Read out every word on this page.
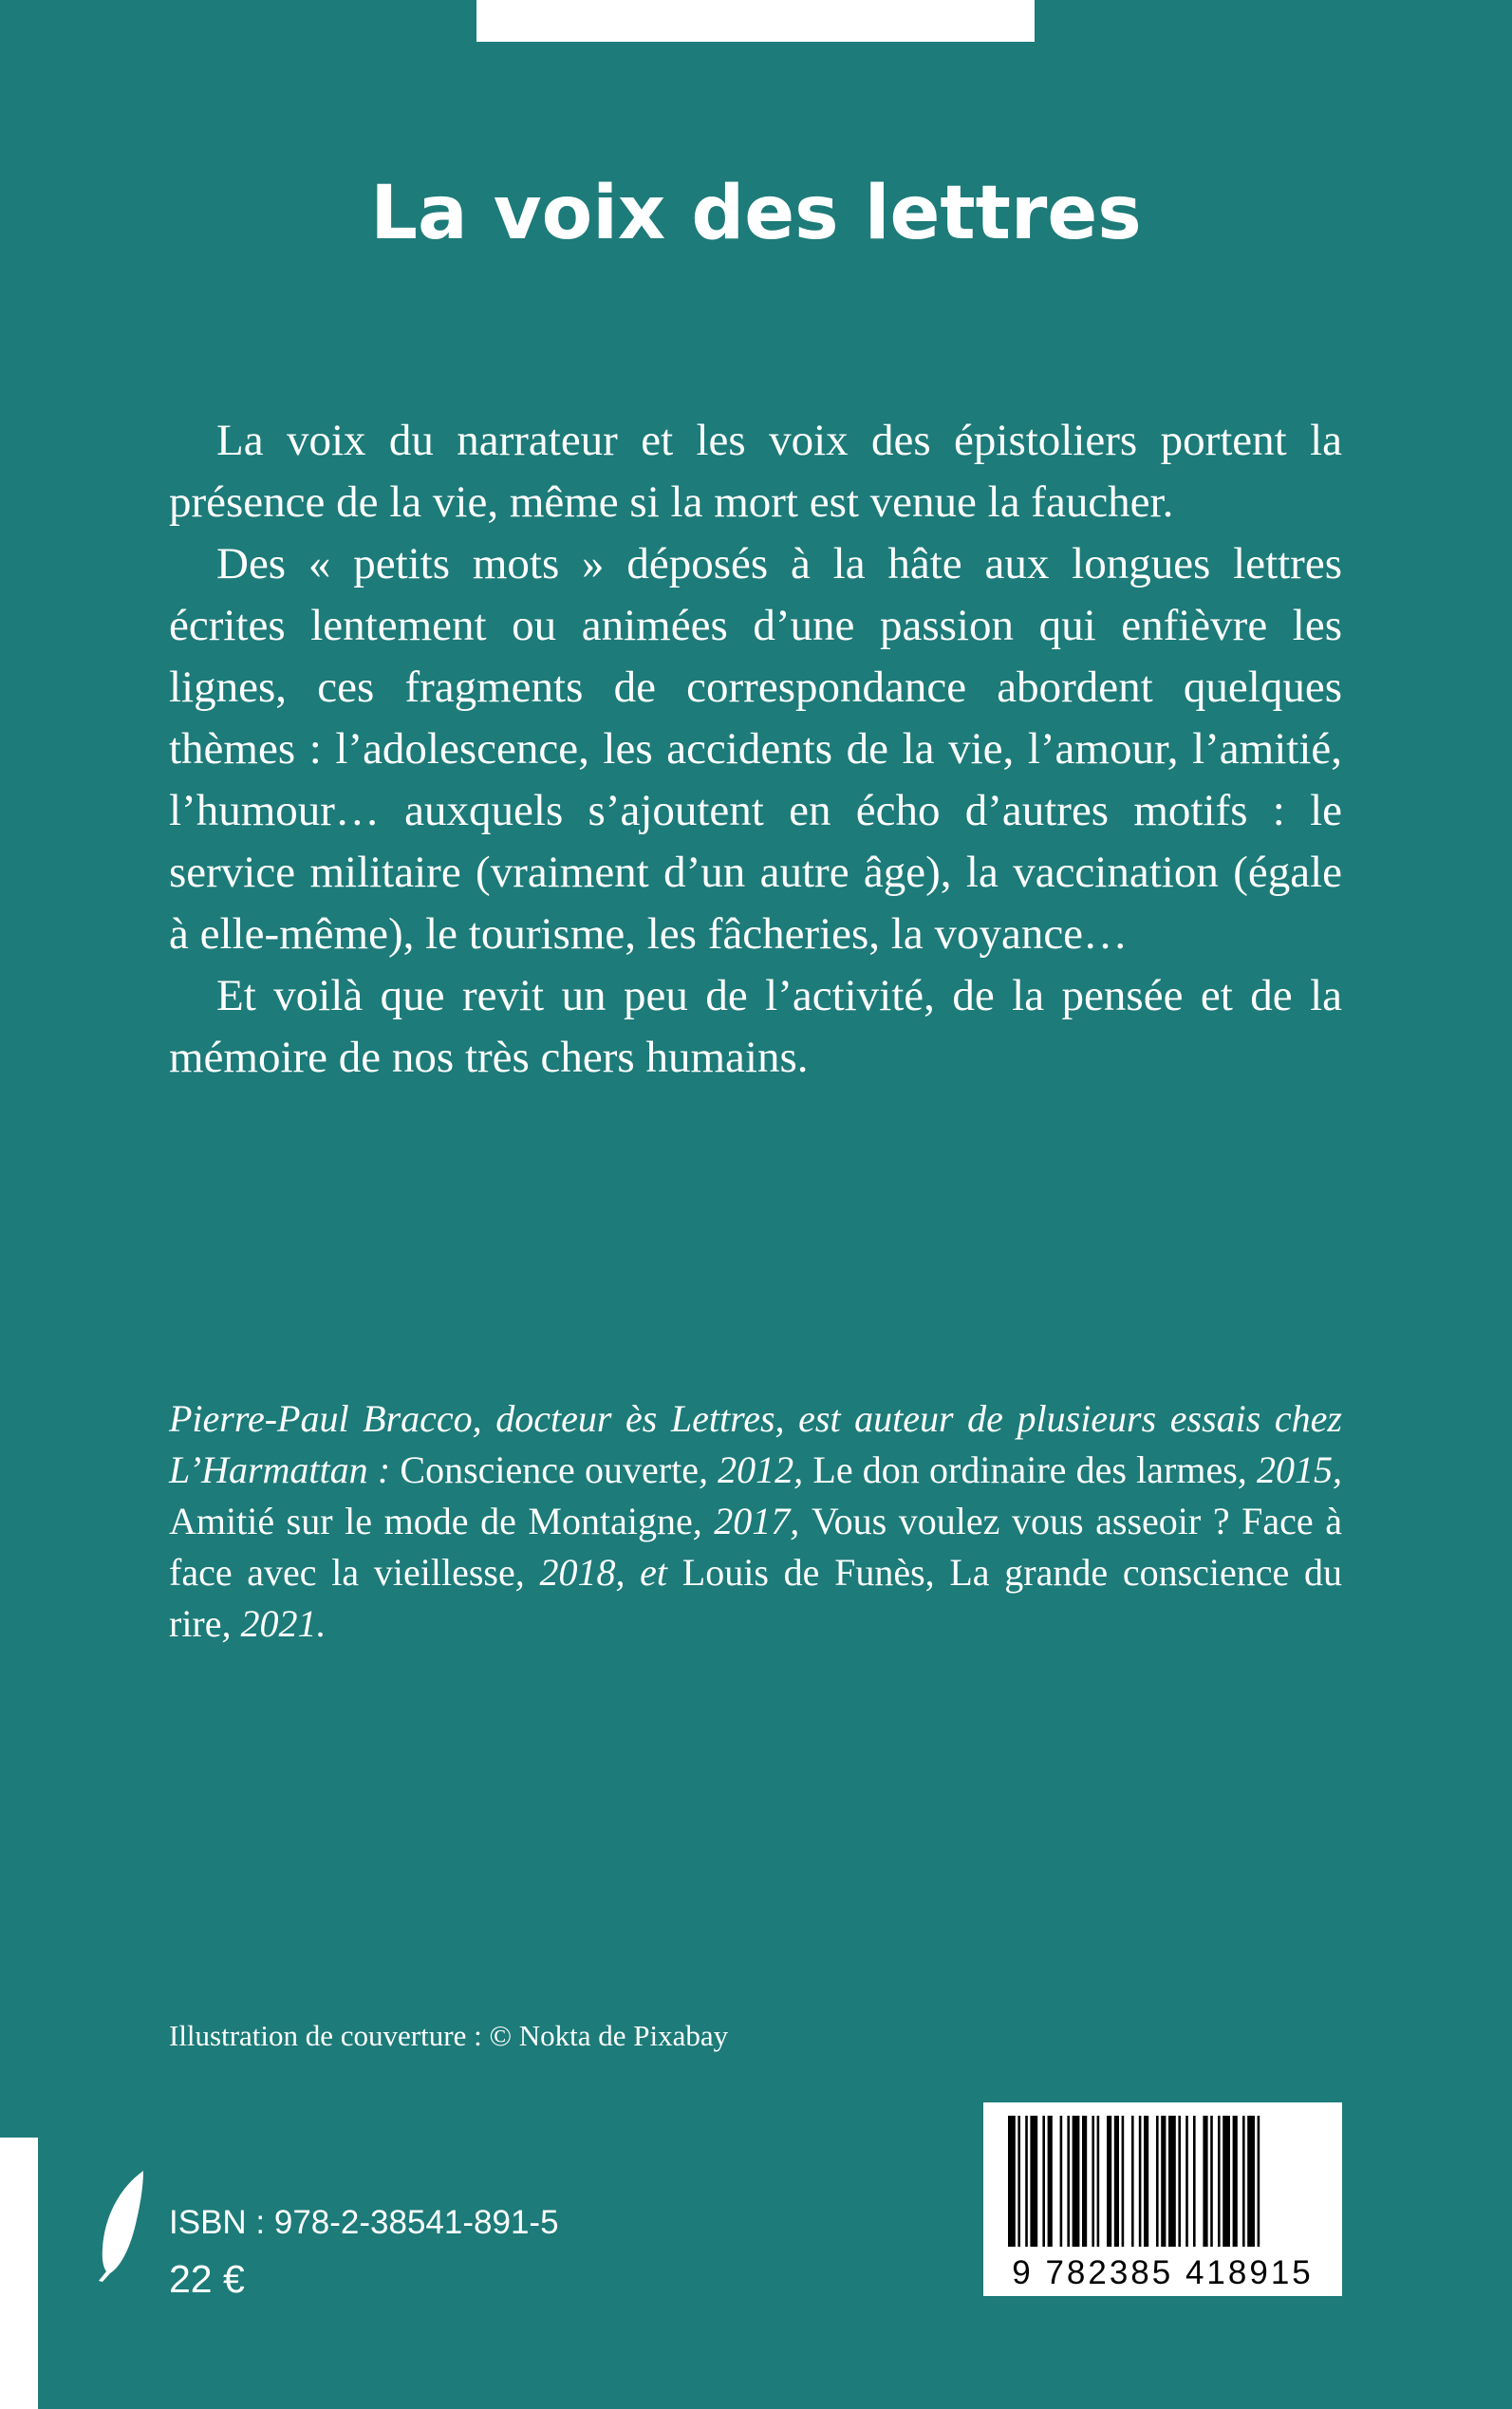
La voix des lettres

La voix du narrateur et les voix des épistoliers portent la présence de la vie, même si la mort est venue la faucher.

Des « petits mots » déposés à la hâte aux longues lettres écrites lentement ou animées d’une passion qui enfièvre les lignes, ces fragments de correspondance abordent quelques thèmes : l’adolescence, les accidents de la vie, l’amour, l’amitié, l’humour… auxquels s’ajoutent en écho d’autres motifs : le service militaire (vraiment d’un autre âge), la vaccination (égale à elle-même), le tourisme, les fâcheries, la voyance…

Et voilà que revit un peu de l’activité, de la pensée et de la mémoire de nos très chers humains.

Pierre-Paul Bracco, docteur ès Lettres, est auteur de plusieurs essais chez L’Harmattan : Conscience ouverte, 2012, Le don ordinaire des larmes, 2015, Amitié sur le mode de Montaigne, 2017, Vous voulez vous asseoir ? Face à face avec la vieillesse, 2018, et Louis de Funès, La grande conscience du rire, 2021.

Illustration de couverture : © Nokta de Pixabay
ISBN : 978-2-38541-891-5
22 €	9 782385 418915
